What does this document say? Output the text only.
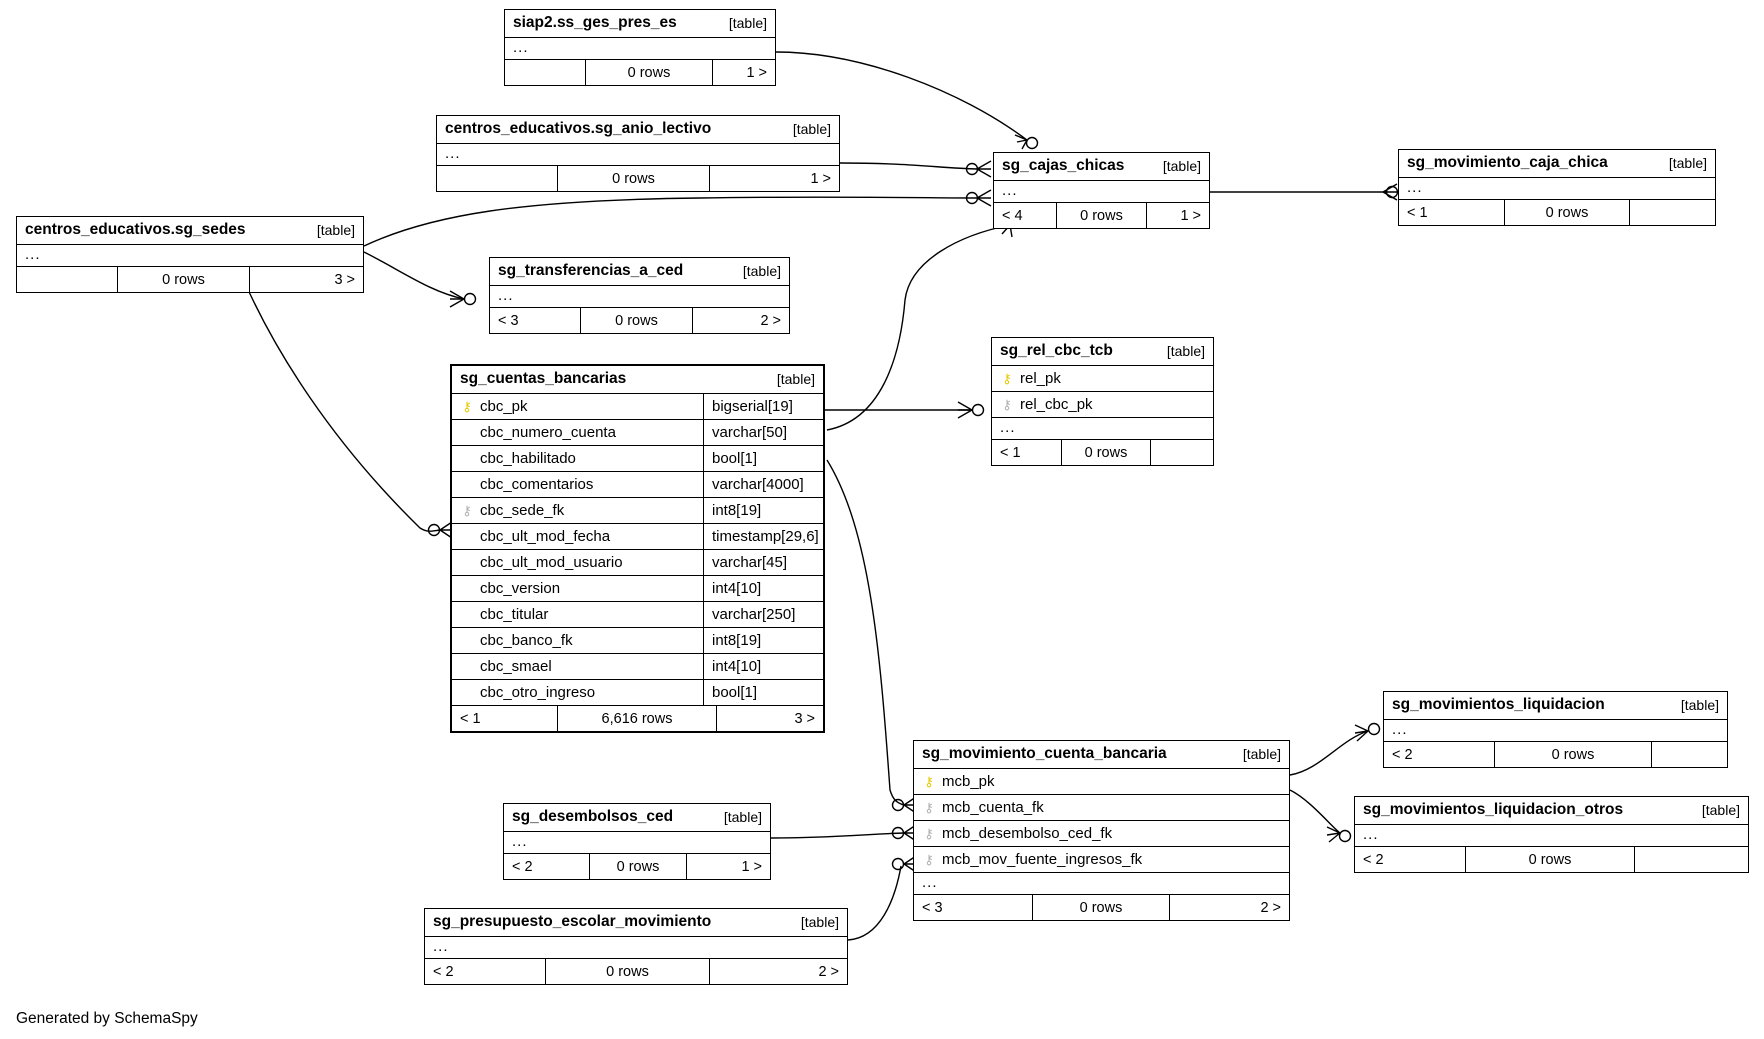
siap2.ss_ges_pres_es	[table]
...
0 rows	1 >
centros_educativos.sg_anio_lectivo	[table]
...
0 rows	1 >
sg_cajas_chicas	[table]
...
< 4	0 rows	1 >
sg_movimiento_caja_chica	[table]
...
< 1	0 rows
centros_educativos.sg_sedes	[table]
...
0 rows	3 >
sg_transferencias_a_ced	[table]
...
< 3	0 rows	2 >
sg_rel_cbc_tcb	[table]
⚷ rel_pk
⚷ rel_cbc_pk
...
< 1	0 rows
sg_cuentas_bancarias	[table]
⚷ cbc_pk	bigserial[19]
cbc_numero_cuenta	varchar[50]
cbc_habilitado	bool[1]
cbc_comentarios	varchar[4000]
⚷ cbc_sede_fk	int8[19]
cbc_ult_mod_fecha	timestamp[29,6]
cbc_ult_mod_usuario	varchar[45]
cbc_version	int4[10]
cbc_titular	varchar[250]
cbc_banco_fk	int8[19]
cbc_smael	int4[10]
cbc_otro_ingreso	bool[1]
< 1	6,616 rows	3 >
sg_movimientos_liquidacion	[table]
...
< 2	0 rows
sg_movimiento_cuenta_bancaria	[table]
⚷ mcb_pk
⚷ mcb_cuenta_fk
⚷ mcb_desembolso_ced_fk
⚷ mcb_mov_fuente_ingresos_fk
...
< 3	0 rows	2 >
sg_movimientos_liquidacion_otros	[table]
...
< 2	0 rows
sg_desembolsos_ced	[table]
...
< 2	0 rows	1 >
sg_presupuesto_escolar_movimiento	[table]
...
< 2	0 rows	2 >
Generated by SchemaSpy
